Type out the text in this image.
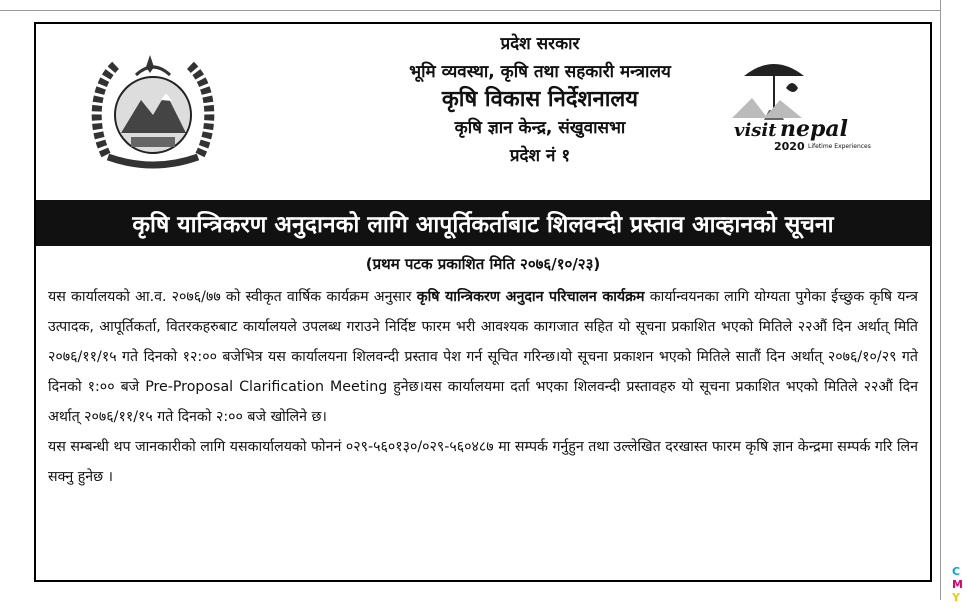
visit nepal
2020 Lifetime Experiences
प्रदेश सरकार
भूमि व्यवस्था, कृषि तथा सहकारी मन्त्रालय
कृषि विकास निर्देशनालय
कृषि ज्ञान केन्द्र, संखुवासभा
प्रदेश नं १
कृषि यान्त्रिकरण अनुदानको लागि आपूर्तिकर्ताबाट शिलवन्दी प्रस्ताव आव्हानको सूचना
(प्रथम पटक प्रकाशित मिति २०७६/१०/२३)

यस कार्यालयको आ.व. २०७६/७७ को स्वीकृत वार्षिक कार्यक्रम अनुसार कृषि यान्त्रिकरण अनुदान परिचालन कार्यक्रम कार्यान्वयनका लागि योग्यता पुगेका ईच्छुक कृषि यन्त्र उत्पादक, आपूर्तिकर्ता, वितरकहरुबाट कार्यालयले उपलब्ध गराउने निर्दिष्ट फारम भरी आवश्यक कागजात सहित यो सूचना प्रकाशित भएको मितिले २२औं दिन अर्थात् मिति २०७६/११/१५ गते दिनको १२:०० बजेभित्र यस कार्यालयना शिलवन्दी प्रस्ताव पेश गर्न सूचित गरिन्छ।यो सूचना प्रकाशन भएको मितिले सातौं दिन अर्थात् २०७६/१०/२९ गते दिनको १:०० बजे Pre-Proposal Clarification Meeting हुनेछ।यस कार्यालयमा दर्ता भएका शिलवन्दी प्रस्तावहरु यो सूचना प्रकाशित भएको मितिले २२औं दिन अर्थात् २०७६/११/१५ गते दिनको २:०० बजे खोलिने छ।

यस सम्बन्धी थप जानकारीको लागि यसकार्यालयको फोननं ०२९-५६०१३०/०२९-५६०४८७ मा सम्पर्क गर्नुहुन तथा उल्लेखित दरखास्त फारम कृषि ज्ञान केन्द्रमा सम्पर्क गरि लिन सक्नु हुनेछ ।

C
M
Y
